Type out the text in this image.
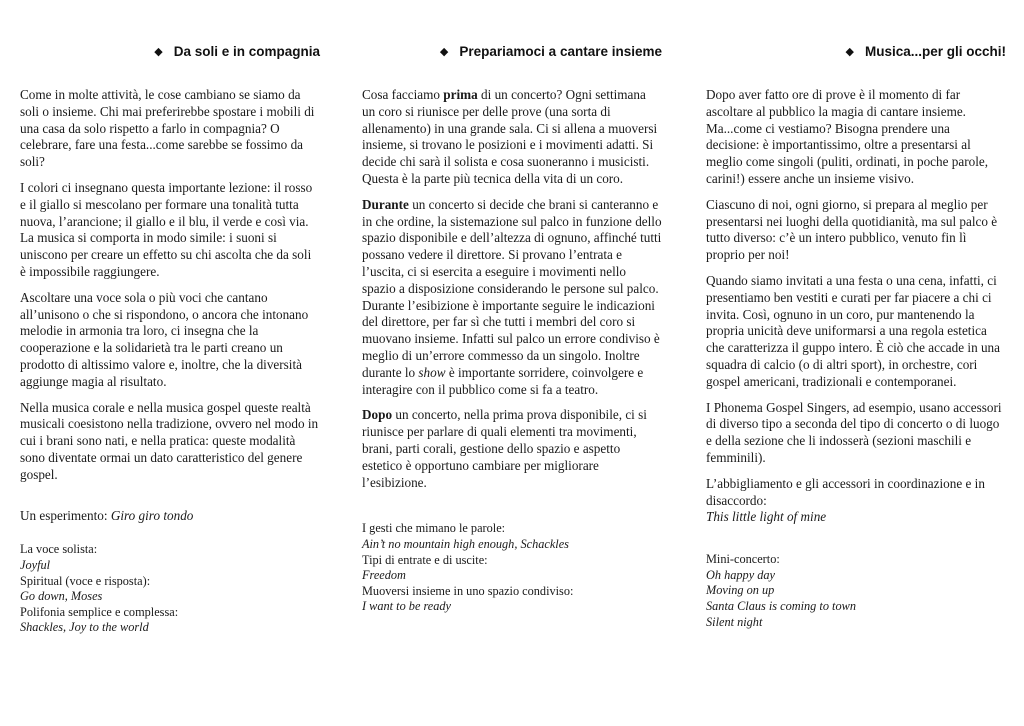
◆ Da soli e in compagnia

Come in molte attività, le cose cambiano se siamo da soli o insieme. Chi mai preferirebbe spostare i mobili di una casa da solo rispetto a farlo in compagnia? O celebrare, fare una festa...come sarebbe se fossimo da soli?

I colori ci insegnano questa importante lezione: il rosso e il giallo si mescolano per formare una tonalità tutta nuova, l’arancione; il giallo e il blu, il verde e così via. La musica si comporta in modo simile: i suoni si uniscono per creare un effetto su chi ascolta che da soli è impossibile raggiungere.

Ascoltare una voce sola o più voci che cantano all’unisono o che si rispondono, o ancora che intonano melodie in armonia tra loro, ci insegna che la cooperazione e la solidarietà tra le parti creano un prodotto di altissimo valore e, inoltre, che la diversità aggiunge magia al risultato.

Nella musica corale e nella musica gospel queste realtà musicali coesistono nella tradizione, ovvero nel modo in cui i brani sono nati, e nella pratica: queste modalità sono diventate ormai un dato caratteristico del genere gospel.

Un esperimento: Giro giro tondo
La voce solista:
Joyful
Spiritual (voce e risposta):
Go down, Moses
Polifonia semplice e complessa:
Shackles, Joy to the world
◆ Prepariamoci a cantare insieme

Cosa facciamo prima di un concerto? Ogni settimana un coro si riunisce per delle prove (una sorta di allenamento) in una grande sala. Ci si allena a muoversi insieme, si trovano le posizioni e i movimenti adatti. Si decide chi sarà il solista e cosa suoneranno i musicisti. Questa è la parte più tecnica della vita di un coro.

Durante un concerto si decide che brani si canteranno e in che ordine, la sistemazione sul palco in funzione dello spazio disponibile e dell’altezza di ognuno, affinché tutti possano vedere il direttore. Si provano l’entrata e l’uscita, ci si esercita a eseguire i movimenti nello spazio a disposizione considerando le persone sul palco. Durante l’esibizione è importante seguire le indicazioni del direttore, per far sì che tutti i membri del coro si muovano insieme. Infatti sul palco un errore condiviso è meglio di un’errore commesso da un singolo. Inoltre durante lo show è importante sorridere, coinvolgere e interagire con il pubblico come si fa a teatro.

Dopo un concerto, nella prima prova disponibile, ci si riunisce per parlare di quali elementi tra movimenti, brani, parti corali, gestione dello spazio e aspetto estetico è opportuno cambiare per migliorare l’esibizione.

I gesti che mimano le parole:
Ain’t no mountain high enough, Schackles
Tipi di entrate e di uscite:
Freedom
Muoversi insieme in uno spazio condiviso:
I want to be ready
◆ Musica...per gli occhi!

Dopo aver fatto ore di prove è il momento di far ascoltare al pubblico la magia di cantare insieme. Ma...come ci vestiamo? Bisogna prendere una decisione: è importantissimo, oltre a presentarsi al meglio come singoli (puliti, ordinati, in poche parole, carini!) essere anche un insieme visivo.

Ciascuno di noi, ogni giorno, si prepara al meglio per presentarsi nei luoghi della quotidianità, ma sul palco è tutto diverso: c’è un intero pubblico, venuto fin lì proprio per noi!

Quando siamo invitati a una festa o una cena, infatti, ci presentiamo ben vestiti e curati per far piacere a chi ci invita. Così, ognuno in un coro, pur mantenendo la propria unicità deve uniformarsi a una regola estetica che caratterizza il guppo intero. È ciò che accade in una squadra di calcio (o di altri sport), in orchestre, cori gospel americani, tradizionali e contemporanei.

I Phonema Gospel Singers, ad esempio, usano accessori di diverso tipo a seconda del tipo di concerto o di luogo e della sezione che li indosserà (sezioni maschili e femminili).

L’abbigliamento e gli accessori in coordinazione e in disaccordo:
This little light of mine

Mini-concerto:
Oh happy day
Moving on up
Santa Claus is coming to town
Silent night
